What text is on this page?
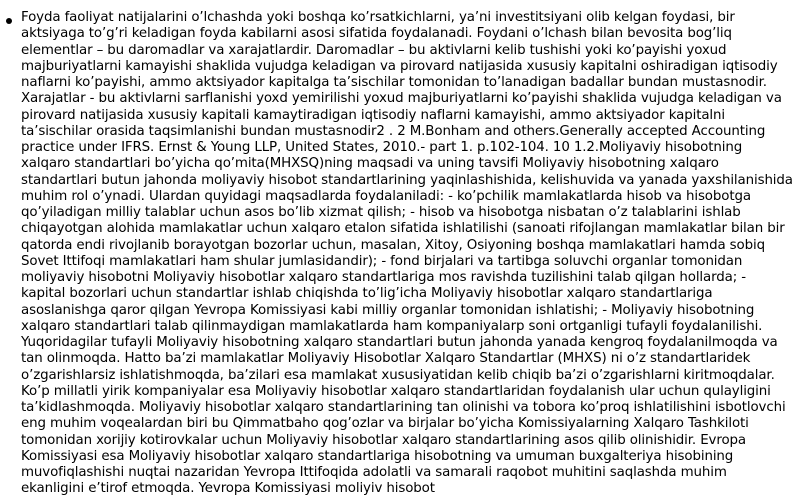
Foyda faoliyat natijalarini o’lchashda yoki boshqa ko’rsatkichlarni, ya’ni investitsiyani olib kelgan foydasi, bir aktsiyaga to’g’ri keladigan foyda kabilarni asosi sifatida foydalanadi. Foydani o’lchash bilan bevosita bog’liq elementlar – bu daromadlar va xarajatlardir. Daromadlar – bu aktivlarni kelib tushishi yoki ko’payishi yoxud majburiyatlarni kamayishi shaklida vujudga keladigan va pirovard natijasida xususiy kapitalni oshiradigan iqtisodiy naflarni ko’payishi, ammo aktsiyador kapitalga ta’sischilar tomonidan to’lanadigan badallar bundan mustasnodir. Xarajatlar - bu aktivlarni sarflanishi yoxd yemirilishi yoxud majburiyatlarni ko’payishi shaklida vujudga keladigan va pirovard natijasida xususiy kapitali kamaytiradigan iqtisodiy naflarni kamayishi, ammo aktsiyador kapitalni ta’sischilar orasida taqsimlanishi bundan mustasnodir2 . 2 M.Bonham and others.Generally accepted Accounting practice under IFRS. Ernst & Young LLP, United States, 2010.- part 1. p.102-104. 10 1.2.Moliyaviy hisobotning xalqaro standartlari bo’yicha qo’mita(MHXSQ)ning maqsadi va uning tavsifi Moliyaviy hisobotning xalqaro standartlari butun jahonda moliyaviy hisobot standartlarining yaqinlashishida, kelishuvida va yanada yaxshilanishida muhim rol o’ynadi. Ulardan quyidagi maqsadlarda foydalaniladi: - ko’pchilik mamlakatlarda hisob va hisobotga qo’yiladigan milliy talablar uchun asos bo’lib xizmat qilish; - hisob va hisobotga nisbatan o’z talablarini ishlab chiqayotgan alohida mamlakatlar uchun xalqaro etalon sifatida ishlatilishi (sanoati rifojlangan mamlakatlar bilan bir qatorda endi rivojlanib borayotgan bozorlar uchun, masalan, Xitoy, Osiyoning boshqa mamlakatlari hamda sobiq Sovet Ittifoqi mamlakatlari ham shular jumlasidandir); - fond birjalari va tartibga soluvchi organlar tomonidan moliyaviy hisobotni Moliyaviy hisobotlar xalqaro standartlariga mos ravishda tuzilishini talab qilgan hollarda; - kapital bozorlari uchun standartlar ishlab chiqishda to’lig’icha Moliyaviy hisobotlar xalqaro standartlariga asoslanishga qaror qilgan Yevropa Komissiyasi kabi milliy organlar tomonidan ishlatishi; - Moliyaviy hisobotning xalqaro standartlari talab qilinmaydigan mamlakatlarda ham kompaniyalarp soni ortganligi tufayli foydalanilishi. Yuqoridagilar tufayli Moliyaviy hisobotning xalqaro standartlari butun jahonda yanada kengroq foydalanilmoqda va tan olinmoqda. Hatto ba’zi mamlakatlar Moliyaviy Hisobotlar Xalqaro Standartlar (MHXS) ni o’z standartlaridek o’zgarishlarsiz ishlatishmoqda, ba’zilari esa mamlakat xususiyatidan kelib chiqib ba’zi o’zgarishlarni kiritmoqdalar. Ko’p millatli yirik kompaniyalar esa Moliyaviy hisobotlar xalqaro standartlaridan foydalanish ular uchun qulayligini ta’kidlashmoqda. Moliyaviy hisobotlar xalqaro standartlarining tan olinishi va tobora ko’proq ishlatilishini isbotlovchi eng muhim voqealardan biri bu Qimmatbaho qog’ozlar va birjalar bo’yicha Komissiyalarning Xalqaro Tashkiloti tomonidan xorijiy kotirovkalar uchun Moliyaviy hisobotlar xalqaro standartlarining asos qilib olinishidir. Evropa Komissiyasi esa Moliyaviy hisobotlar xalqaro standartlariga hisobotning va umuman buxgalteriya hisobining muvofiqlashishi nuqtai nazaridan Yevropa Ittifoqida adolatli va samarali raqobot muhitini saqlashda muhim ekanligini e’tirof etmoqda. Yevropa Komissiyasi moliyiv hisobot
